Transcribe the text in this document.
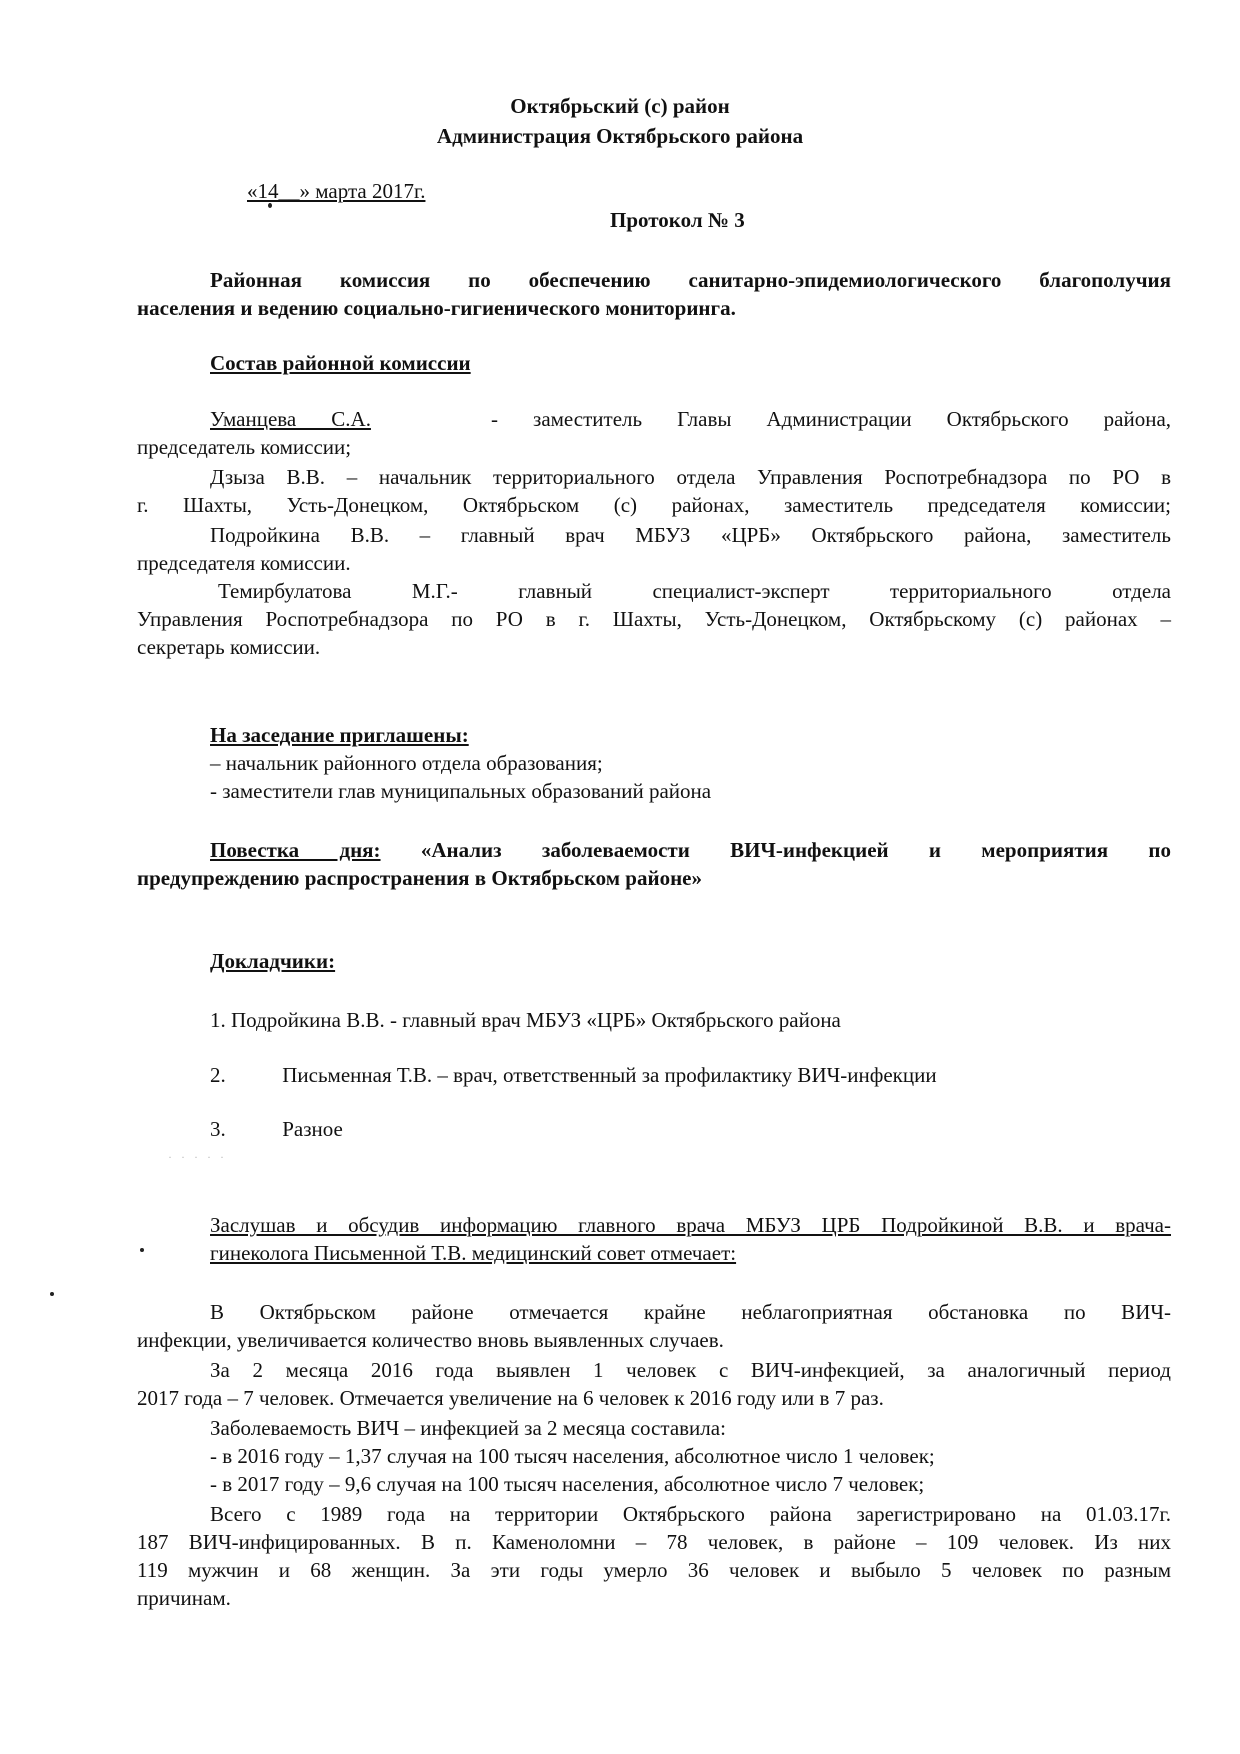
Октябрьский (с) район
Администрация Октябрьского района
«14__» марта 2017г.
Протокол № 3
Районная комиссия по обеспечению санитарно-эпидемиологического благополучия
населения и ведению социально-гигиенического мониторинга.
Состав районной комиссии
Уманцева С.А.	- заместитель Главы Администрации Октябрьского района,
председатель комиссии;
Дзыза В.В. – начальник территориального отдела Управления Роспотребнадзора по РО в
г. Шахты, Усть-Донецком, Октябрьском (с) районах, заместитель председателя комиссии;
Подройкина В.В. – главный врач МБУЗ «ЦРБ» Октябрьского района, заместитель
председателя комиссии.
Темирбулатова М.Г.- главный специалист-эксперт территориального отдела
Управления Роспотребнадзора по РО в г. Шахты, Усть-Донецком, Октябрьскому (с) районах –
секретарь комиссии.
На заседание приглашены:
– начальник районного отдела образования;
- заместители глав муниципальных образований района
Повестка дня: «Анализ заболеваемости ВИЧ-инфекцией и мероприятия по
предупреждению распространения в Октябрьском районе»
Докладчики:
1. Подройкина В.В. - главный врач МБУЗ «ЦРБ» Октябрьского района
2.	Письменная Т.В. – врач, ответственный за профилактику ВИЧ-инфекции
3.	Разное
· · · · ·
Заслушав и обсудив информацию главного врача МБУЗ ЦРБ Подройкиной В.В. и врача-
гинеколога Письменной Т.В. медицинский совет отмечает:
В Октябрьском районе отмечается крайне неблагоприятная обстановка по ВИЧ-
инфекции, увеличивается количество вновь выявленных случаев.
За 2 месяца 2016 года выявлен 1 человек с ВИЧ-инфекцией, за аналогичный период
2017 года – 7 человек. Отмечается увеличение на 6 человек к 2016 году или в 7 раз.
Заболеваемость ВИЧ – инфекцией за 2 месяца составила:
- в 2016 году – 1,37 случая на 100 тысяч населения, абсолютное число 1 человек;
- в 2017 году – 9,6 случая на 100 тысяч населения, абсолютное число 7 человек;
Всего с 1989 года на территории Октябрьского района зарегистрировано на 01.03.17г.
187 ВИЧ-инфицированных. В п. Каменоломни – 78 человек, в районе – 109 человек. Из них
119 мужчин и 68 женщин. За эти годы умерло 36 человек и выбыло 5 человек по разным
причинам.
